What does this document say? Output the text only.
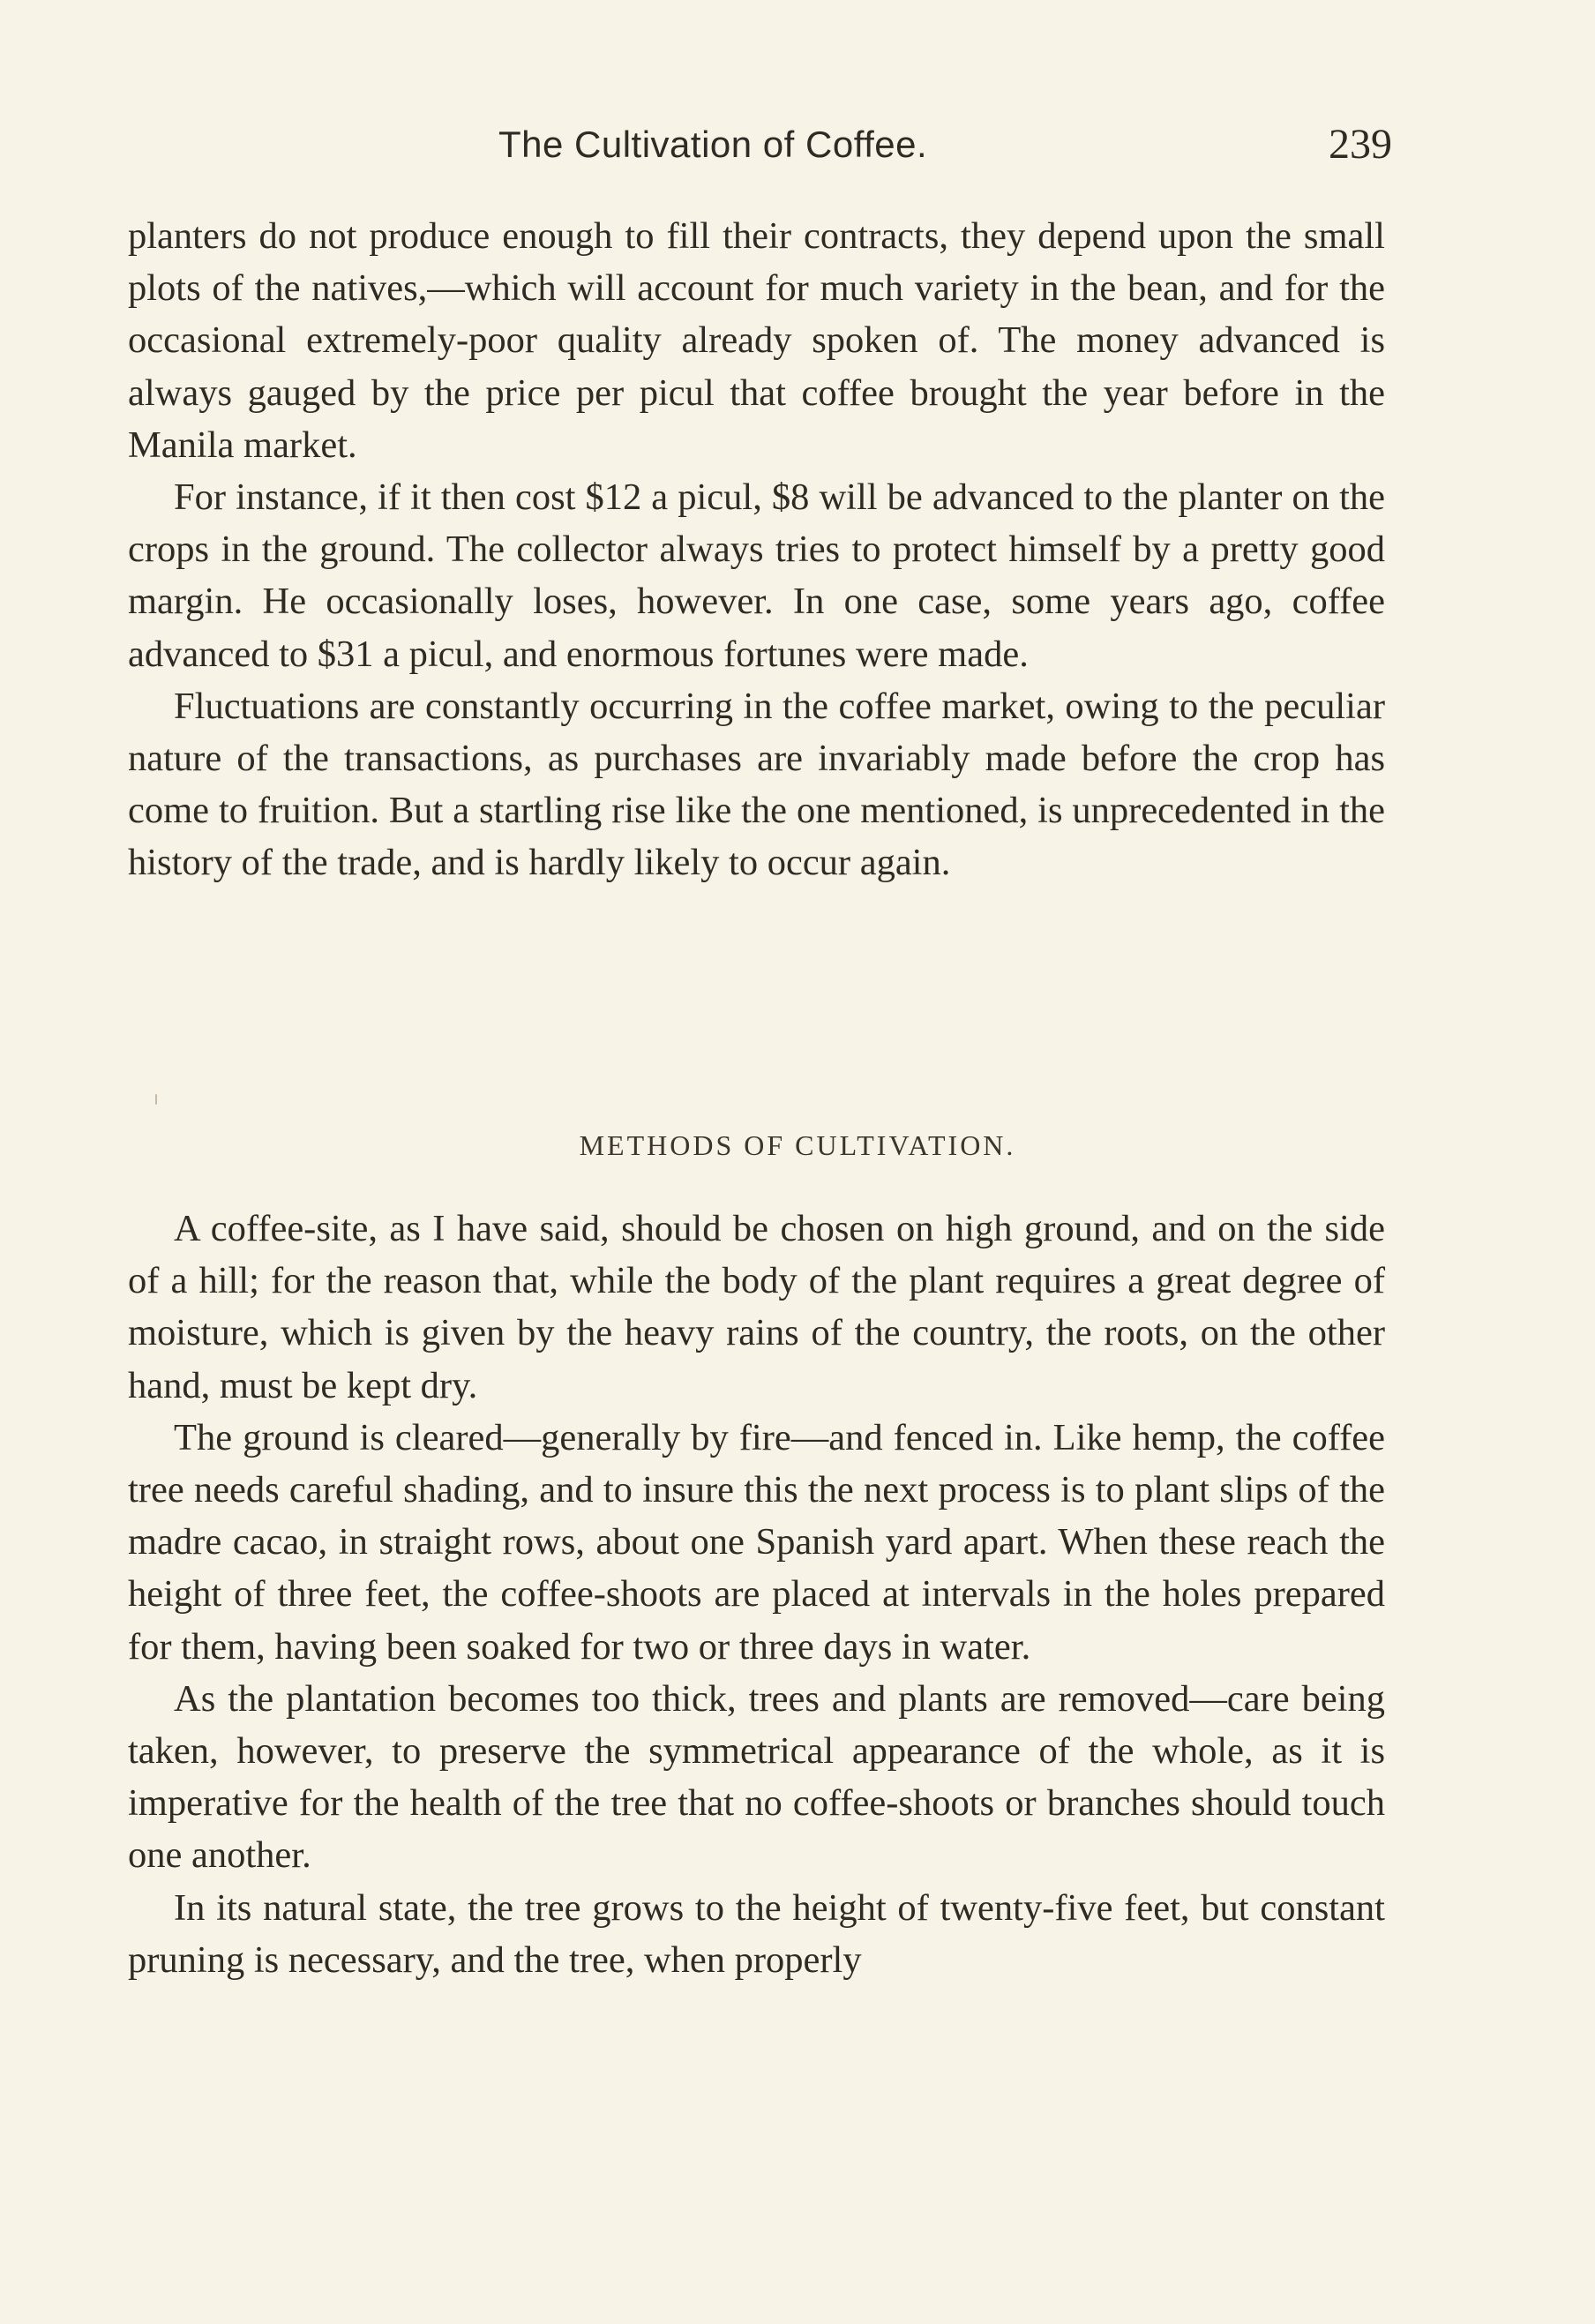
The Cultivation of Coffee.	239

planters do not produce enough to fill their contracts, they depend upon the small plots of the natives,—which will account for much variety in the bean, and for the occasional extremely-poor quality already spoken of. The money advanced is always gauged by the price per picul that coffee brought the year before in the Manila market.

For instance, if it then cost $12 a picul, $8 will be advanced to the planter on the crops in the ground. The collector always tries to protect himself by a pretty good margin. He occasionally loses, however. In one case, some years ago, coffee advanced to $31 a picul, and enormous fortunes were made.

Fluctuations are constantly occurring in the coffee market, owing to the peculiar nature of the transactions, as purchases are invariably made before the crop has come to fruition. But a startling rise like the one mentioned, is unprecedented in the history of the trade, and is hardly likely to occur again.

METHODS OF CULTIVATION.

A coffee-site, as I have said, should be chosen on high ground, and on the side of a hill; for the reason that, while the body of the plant requires a great degree of moisture, which is given by the heavy rains of the country, the roots, on the other hand, must be kept dry.

The ground is cleared—generally by fire—and fenced in. Like hemp, the coffee tree needs careful shading, and to insure this the next process is to plant slips of the madre cacao, in straight rows, about one Spanish yard apart. When these reach the height of three feet, the coffee-shoots are placed at intervals in the holes prepared for them, having been soaked for two or three days in water.

As the plantation becomes too thick, trees and plants are removed—care being taken, however, to preserve the symmetrical appearance of the whole, as it is imperative for the health of the tree that no coffee-shoots or branches should touch one another.

In its natural state, the tree grows to the height of twenty-five feet, but constant pruning is necessary, and the tree, when properly
